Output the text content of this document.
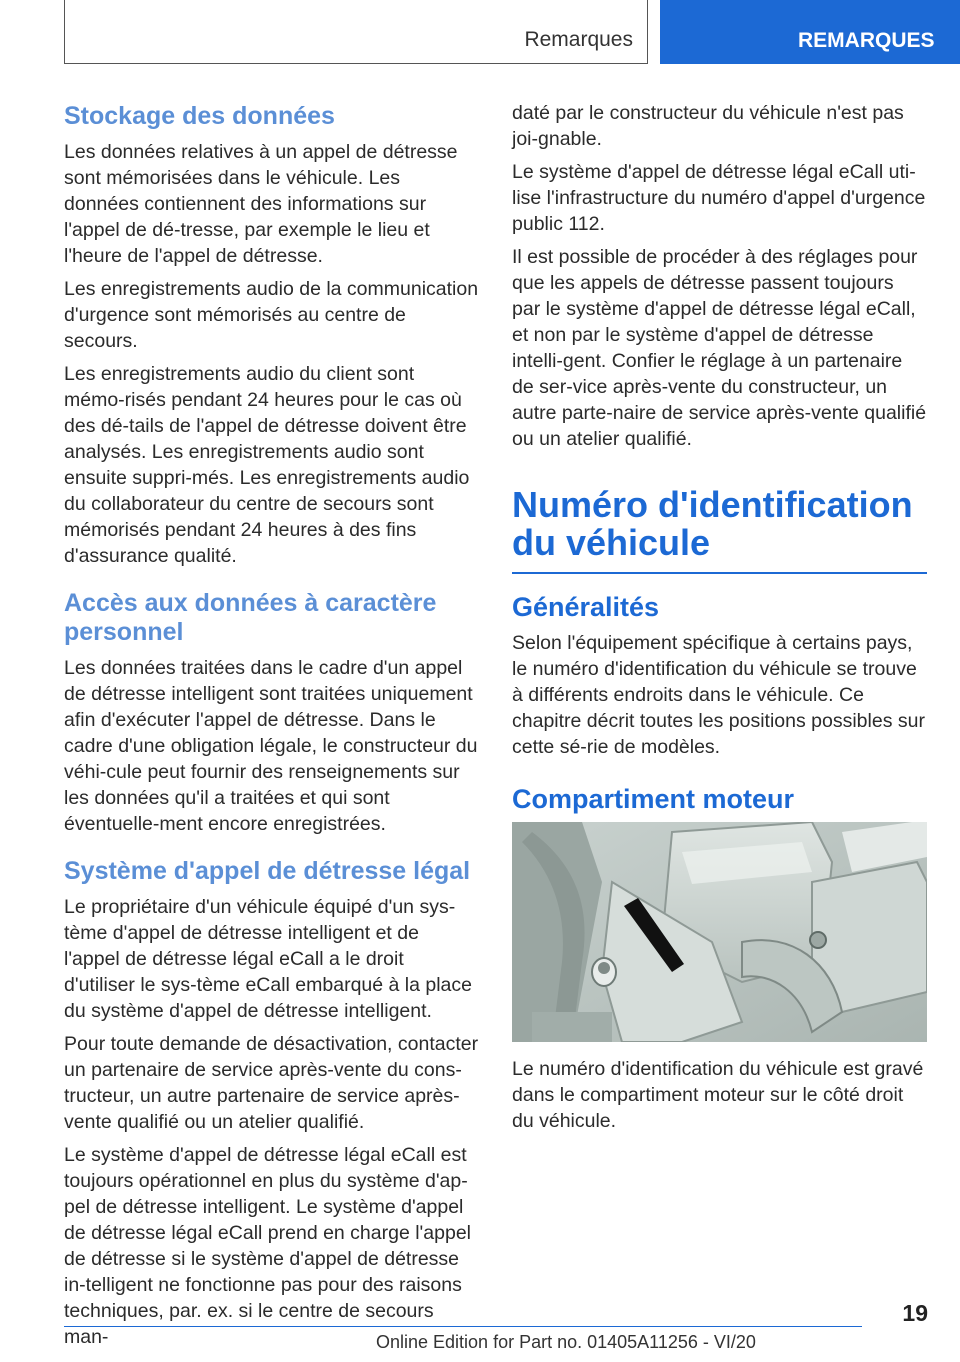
Remarques	REMARQUES
Stockage des données

Les données relatives à un appel de détresse sont mémorisées dans le véhicule. Les données contiennent des informations sur l'appel de dé-tresse, par exemple le lieu et l'heure de l'appel de détresse.

Les enregistrements audio de la communication d'urgence sont mémorisés au centre de secours.

Les enregistrements audio du client sont mémo-risés pendant 24 heures pour le cas où des dé-tails de l'appel de détresse doivent être analysés. Les enregistrements audio sont ensuite suppri-més. Les enregistrements audio du collaborateur du centre de secours sont mémorisés pendant 24 heures à des fins d'assurance qualité.

Accès aux données à caractère personnel

Les données traitées dans le cadre d'un appel de détresse intelligent sont traitées uniquement afin d'exécuter l'appel de détresse. Dans le cadre d'une obligation légale, le constructeur du véhi-cule peut fournir des renseignements sur les données qu'il a traitées et qui sont éventuelle-ment encore enregistrées.

Système d'appel de détresse légal

Le propriétaire d'un véhicule équipé d'un sys-tème d'appel de détresse intelligent et de l'appel de détresse légal eCall a le droit d'utiliser le sys-tème eCall embarqué à la place du système d'appel de détresse intelligent.

Pour toute demande de désactivation, contacter un partenaire de service après-vente du cons-tructeur, un autre partenaire de service après-vente qualifié ou un atelier qualifié.

Le système d'appel de détresse légal eCall est toujours opérationnel en plus du système d'ap-pel de détresse intelligent. Le système d'appel de détresse légal eCall prend en charge l'appel de détresse si le système d'appel de détresse in-telligent ne fonctionne pas pour des raisons techniques, par. ex. si le centre de secours man-

daté par le constructeur du véhicule n'est pas joi-gnable.

Le système d'appel de détresse légal eCall uti-lise l'infrastructure du numéro d'appel d'urgence public 112.

Il est possible de procéder à des réglages pour que les appels de détresse passent toujours par le système d'appel de détresse légal eCall, et non par le système d'appel de détresse intelli-gent. Confier le réglage à un partenaire de ser-vice après-vente du constructeur, un autre parte-naire de service après-vente qualifié ou un atelier qualifié.

Numéro d'identification du véhicule
Généralités

Selon l'équipement spécifique à certains pays, le numéro d'identification du véhicule se trouve à différents endroits dans le véhicule. Ce chapitre décrit toutes les positions possibles sur cette sé-rie de modèles.

Compartiment moteur

Le numéro d'identification du véhicule est gravé dans le compartiment moteur sur le côté droit du véhicule.

19
Online Edition for Part no. 01405A11256 - VI/20
